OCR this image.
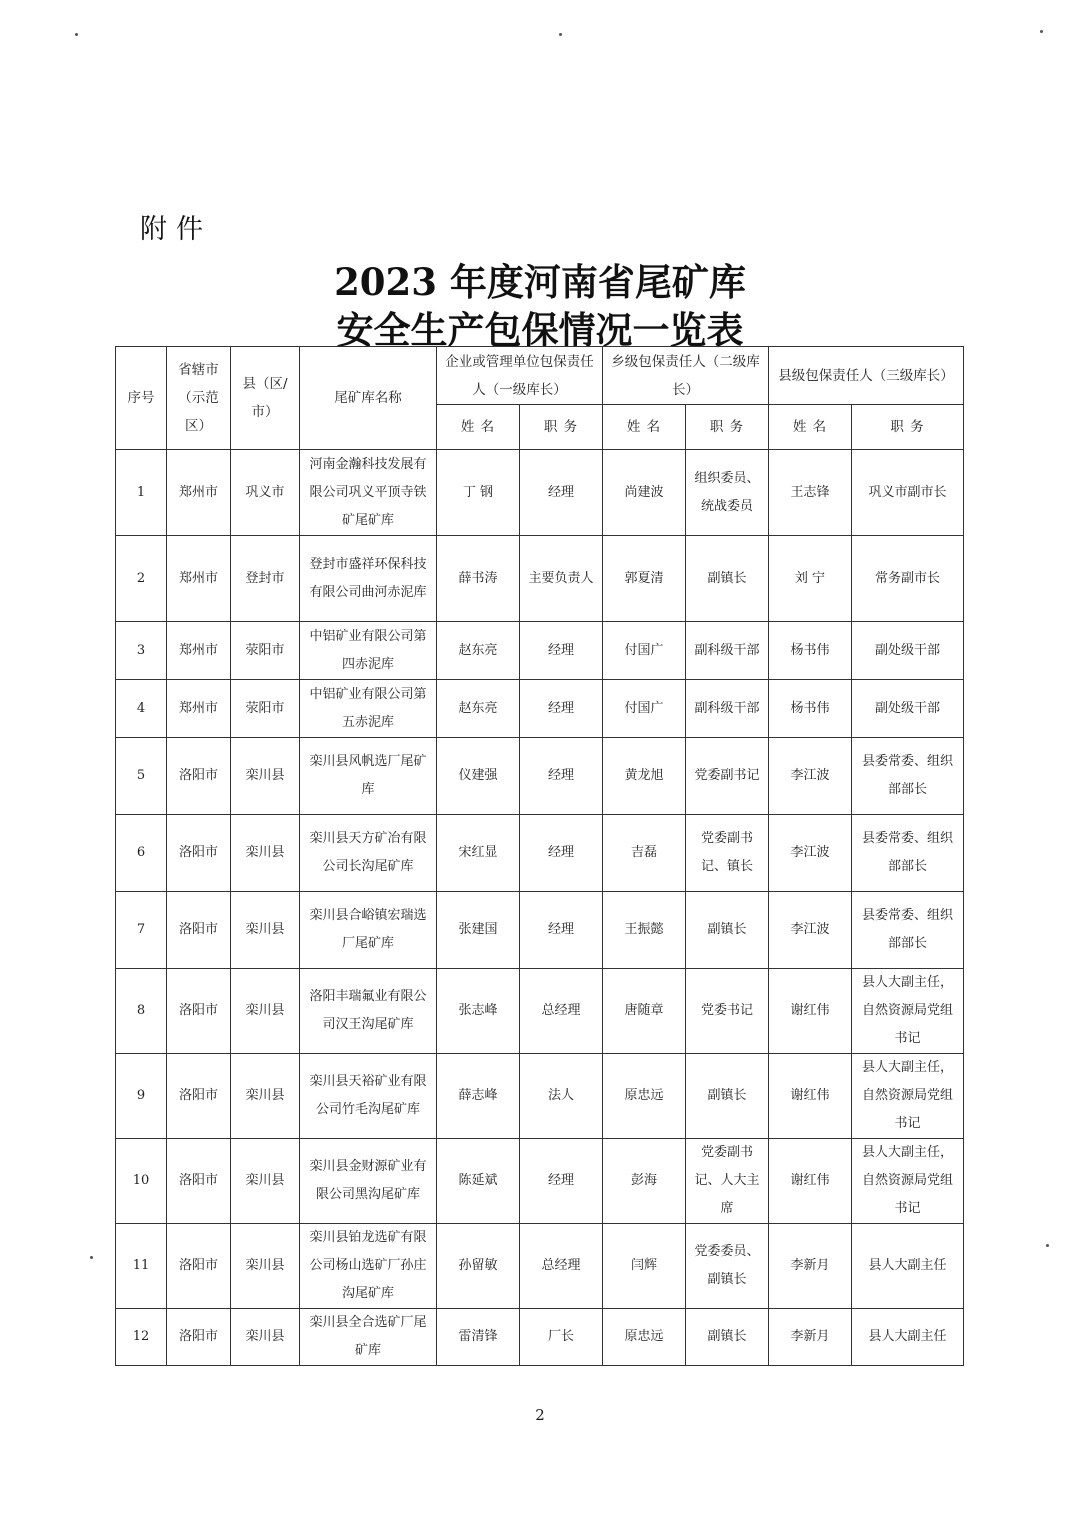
附件
2023 年度河南省尾矿库
安全生产包保情况一览表
序号	省辖市（示范区）	县（区/市）	尾矿库名称	企业或管理单位包保责任人（一级库长）		乡级包保责任人（二级库长）		县级包保责任人（三级库长）	
				姓 名	职 务	姓 名	职 务	姓 名	职 务
1	郑州市	巩义市	河南金瀚科技发展有限公司巩义平顶寺铁矿尾矿库	丁 钢	经理	尚建波	组织委员、统战委员	王志锋	巩义市副市长
2	郑州市	登封市	登封市盛祥环保科技有限公司曲河赤泥库	薛书涛	主要负责人	郭夏清	副镇长	刘 宁	常务副市长
3	郑州市	荥阳市	中铝矿业有限公司第四赤泥库	赵东亮	经理	付国广	副科级干部	杨书伟	副处级干部
4	郑州市	荥阳市	中铝矿业有限公司第五赤泥库	赵东亮	经理	付国广	副科级干部	杨书伟	副处级干部
5	洛阳市	栾川县	栾川县风帆选厂尾矿库	仪建强	经理	黄龙旭	党委副书记	李江波	县委常委、组织部部长
6	洛阳市	栾川县	栾川县天方矿冶有限公司长沟尾矿库	宋红显	经理	吉磊	党委副书记、镇长	李江波	县委常委、组织部部长
7	洛阳市	栾川县	栾川县合峪镇宏瑞选厂尾矿库	张建国	经理	王振懿	副镇长	李江波	县委常委、组织部部长
8	洛阳市	栾川县	洛阳丰瑞氟业有限公司汉王沟尾矿库	张志峰	总经理	唐随章	党委书记	谢红伟	县人大副主任，自然资源局党组书记
9	洛阳市	栾川县	栾川县天裕矿业有限公司竹毛沟尾矿库	薛志峰	法人	原忠远	副镇长	谢红伟	县人大副主任，自然资源局党组书记
10	洛阳市	栾川县	栾川县金财源矿业有限公司黑沟尾矿库	陈延斌	经理	彭海	党委副书记、人大主席	谢红伟	县人大副主任，自然资源局党组书记
11	洛阳市	栾川县	栾川县铂龙选矿有限公司杨山选矿厂孙庄沟尾矿库	孙留敏	总经理	闫辉	党委委员、副镇长	李新月	县人大副主任
12	洛阳市	栾川县	栾川县全合选矿厂尾矿库	雷清锋	厂长	原忠远	副镇长	李新月	县人大副主任
2
